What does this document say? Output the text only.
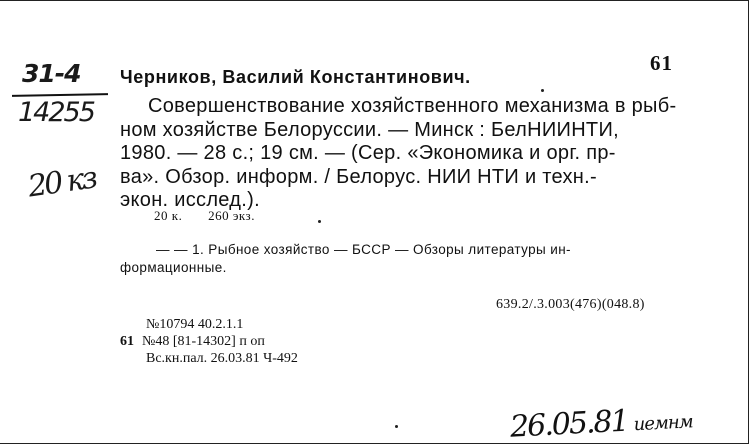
31-4
14255
20 кз
61
Черников, Василий Константинович.
Совершенствование хозяйственного механизма в рыб-
ном хозяйстве Белоруссии. — Минск : БелНИИНТИ,
1980. — 28 с.; 19 см. — (Сер. «Экономика и орг. пр-
ва». Обзор. информ. / Белорус. НИИ НТИ и техн.-
экон. исслед.).
20 к. 260 экз.
— — 1. Рыбное хозяйство — БССР — Обзоры литературы ин-
формационные.
639.2/.3.003(476)(048.8)
№10794 40.2.1.1
61 №48 [81-14302] п оп
Вс.кн.пал. 26.03.81 Ч-492
26.05.81 иемнм
